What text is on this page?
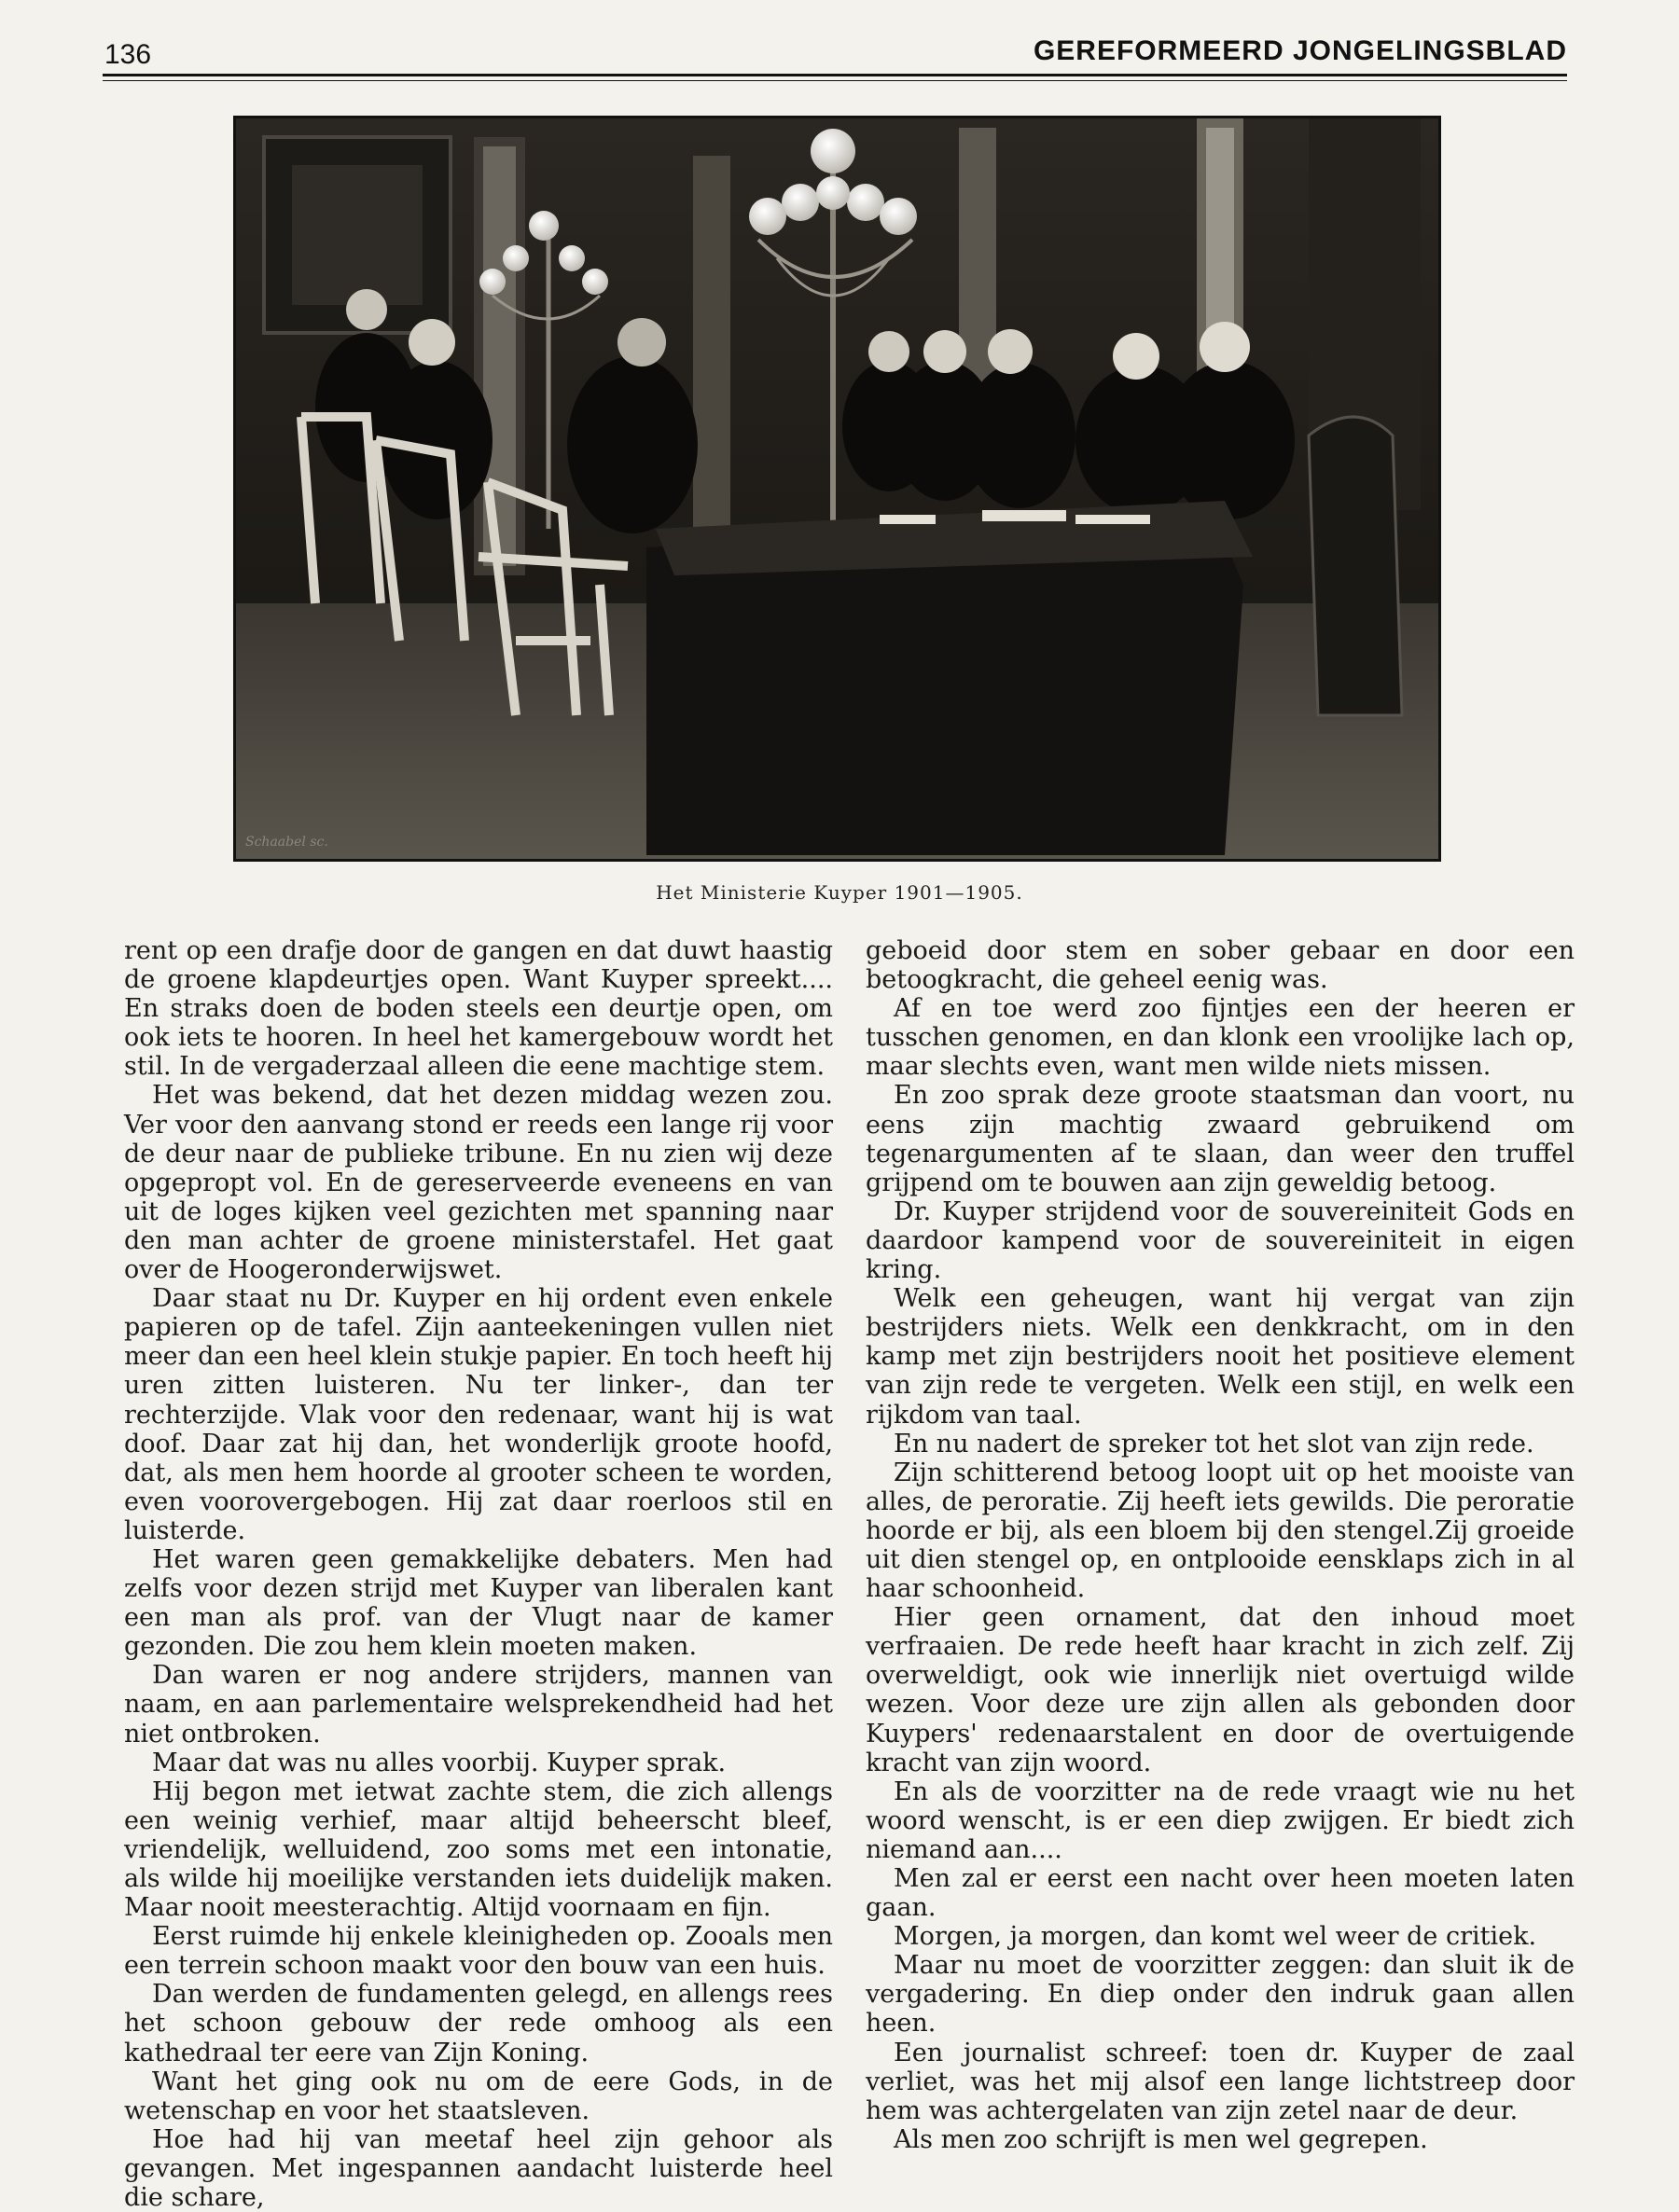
136	GEREFORMEERD JONGELINGSBLAD
Schaabel sc.
Het Ministerie Kuyper 1901—1905.

rent op een drafje door de gangen en dat duwt haastig de groene klapdeurtjes open. Want Kuyper spreekt.... En straks doen de boden steels een deurtje open, om ook iets te hooren. In heel het kamergebouw wordt het stil. In de vergaderzaal alleen die eene machtige stem.

Het was bekend, dat het dezen middag wezen zou. Ver voor den aanvang stond er reeds een lange rij voor de deur naar de publieke tribune. En nu zien wij deze opgepropt vol. En de gereserveerde eveneens en van uit de loges kijken veel gezichten met spanning naar den man achter de groene ministerstafel. Het gaat over de Hoogeronderwijswet.

Daar staat nu Dr. Kuyper en hij ordent even enkele papieren op de tafel. Zijn aanteekeningen vullen niet meer dan een heel klein stukje papier. En toch heeft hij uren zitten luisteren. Nu ter linker-, dan ter rechterzijde. Vlak voor den redenaar, want hij is wat doof. Daar zat hij dan, het wonderlijk groote hoofd, dat, als men hem hoorde al grooter scheen te worden, even voorovergebogen. Hij zat daar roerloos stil en luisterde.

Het waren geen gemakkelijke debaters. Men had zelfs voor dezen strijd met Kuyper van liberalen kant een man als prof. van der Vlugt naar de kamer gezonden. Die zou hem klein moeten maken.

Dan waren er nog andere strijders, mannen van naam, en aan parlementaire welsprekendheid had het niet ontbroken.

Maar dat was nu alles voorbij. Kuyper sprak.

Hij begon met ietwat zachte stem, die zich allengs een weinig verhief, maar altijd beheerscht bleef, vriendelijk, welluidend, zoo soms met een intonatie, als wilde hij moeilijke verstanden iets duidelijk maken. Maar nooit meesterachtig. Altijd voornaam en fijn.

Eerst ruimde hij enkele kleinigheden op. Zooals men een terrein schoon maakt voor den bouw van een huis.

Dan werden de fundamenten gelegd, en allengs rees het schoon gebouw der rede omhoog als een kathedraal ter eere van Zijn Koning.

Want het ging ook nu om de eere Gods, in de wetenschap en voor het staatsleven.

Hoe had hij van meetaf heel zijn gehoor als gevangen. Met ingespannen aandacht luisterde heel die schare,

geboeid door stem en sober gebaar en door een betoogkracht, die geheel eenig was.

Af en toe werd zoo fijntjes een der heeren er tusschen genomen, en dan klonk een vroolijke lach op, maar slechts even, want men wilde niets missen.

En zoo sprak deze groote staatsman dan voort, nu eens zijn machtig zwaard gebruikend om tegenargumenten af te slaan, dan weer den truffel grijpend om te bouwen aan zijn geweldig betoog.

Dr. Kuyper strijdend voor de souvereiniteit Gods en daardoor kampend voor de souvereiniteit in eigen kring.

Welk een geheugen, want hij vergat van zijn bestrijders niets. Welk een denkkracht, om in den kamp met zijn bestrijders nooit het positieve element van zijn rede te vergeten. Welk een stijl, en welk een rijkdom van taal.

En nu nadert de spreker tot het slot van zijn rede.

Zijn schitterend betoog loopt uit op het mooiste van alles, de peroratie. Zij heeft iets gewilds. Die peroratie hoorde er bij, als een bloem bij den stengel.Zij groeide uit dien stengel op, en ontplooide eensklaps zich in al haar schoonheid.

Hier geen ornament, dat den inhoud moet verfraaien. De rede heeft haar kracht in zich zelf. Zij overweldigt, ook wie innerlijk niet overtuigd wilde wezen. Voor deze ure zijn allen als gebonden door Kuypers' redenaarstalent en door de overtuigende kracht van zijn woord.

En als de voorzitter na de rede vraagt wie nu het woord wenscht, is er een diep zwijgen. Er biedt zich niemand aan....

Men zal er eerst een nacht over heen moeten laten gaan.

Morgen, ja morgen, dan komt wel weer de critiek.

Maar nu moet de voorzitter zeggen: dan sluit ik de vergadering. En diep onder den indruk gaan allen heen.

Een journalist schreef: toen dr. Kuyper de zaal verliet, was het mij alsof een lange lichtstreep door hem was achtergelaten van zijn zetel naar de deur.

Als men zoo schrijft is men wel gegrepen.
